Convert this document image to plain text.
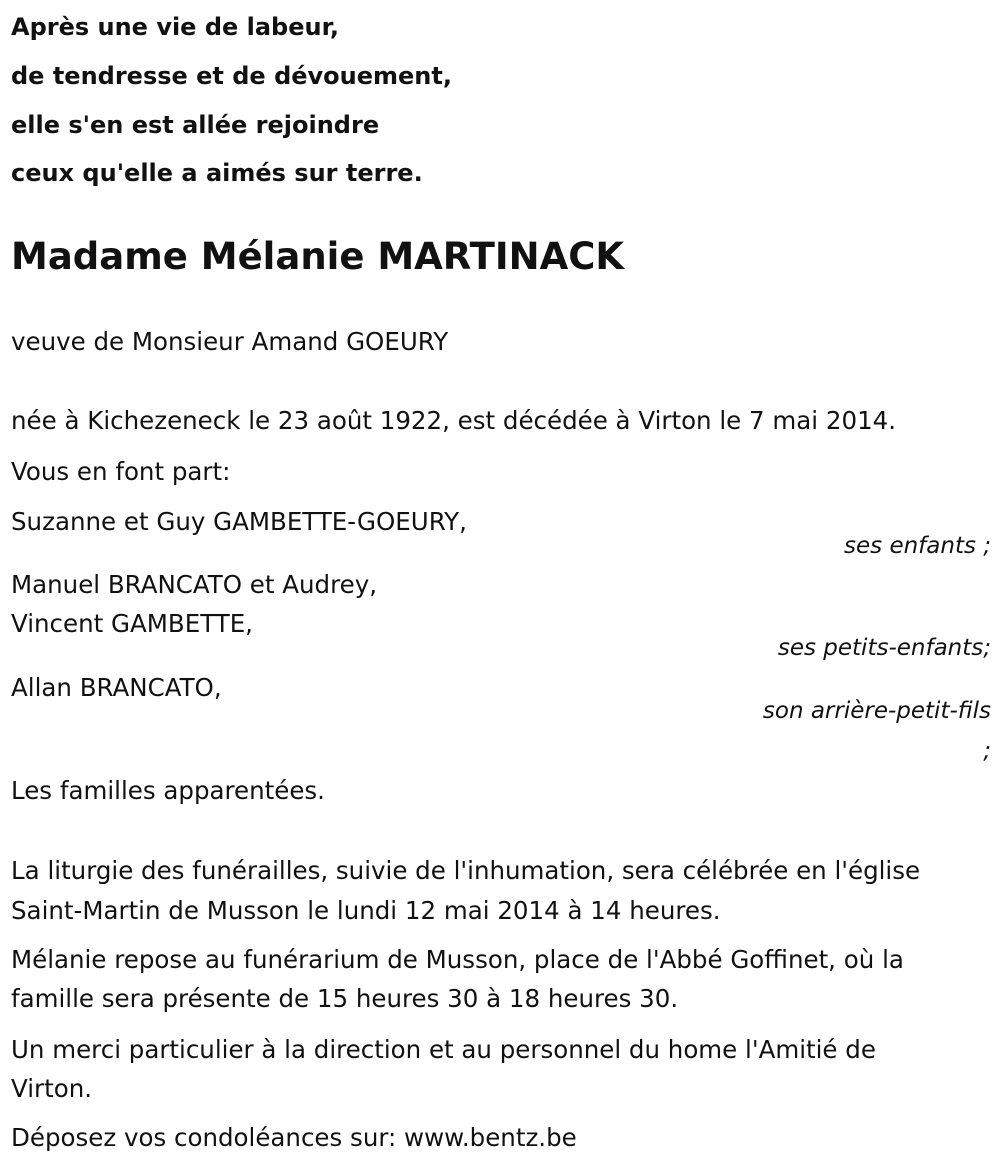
Après une vie de labeur,
de tendresse et de dévouement,
elle s'en est allée rejoindre
ceux qu'elle a aimés sur terre.
Madame Mélanie MARTINACK
veuve de Monsieur Amand GOEURY
née à Kichezeneck le 23 août 1922, est décédée à Virton le 7 mai 2014.
Vous en font part:
Suzanne et Guy GAMBETTE-GOEURY,
ses enfants ;
Manuel BRANCATO et Audrey,
Vincent GAMBETTE,
ses petits-enfants;
Allan BRANCATO,
son arrière-petit-fils
;
Les familles apparentées.
La liturgie des funérailles, suivie de l'inhumation, sera célébrée en l'église
Saint-Martin de Musson le lundi 12 mai 2014 à 14 heures.
Mélanie repose au funérarium de Musson, place de l'Abbé Goffinet, où la
famille sera présente de 15 heures 30 à 18 heures 30.
Un merci particulier à la direction et au personnel du home l'Amitié de
Virton.
Déposez vos condoléances sur: www.bentz.be
